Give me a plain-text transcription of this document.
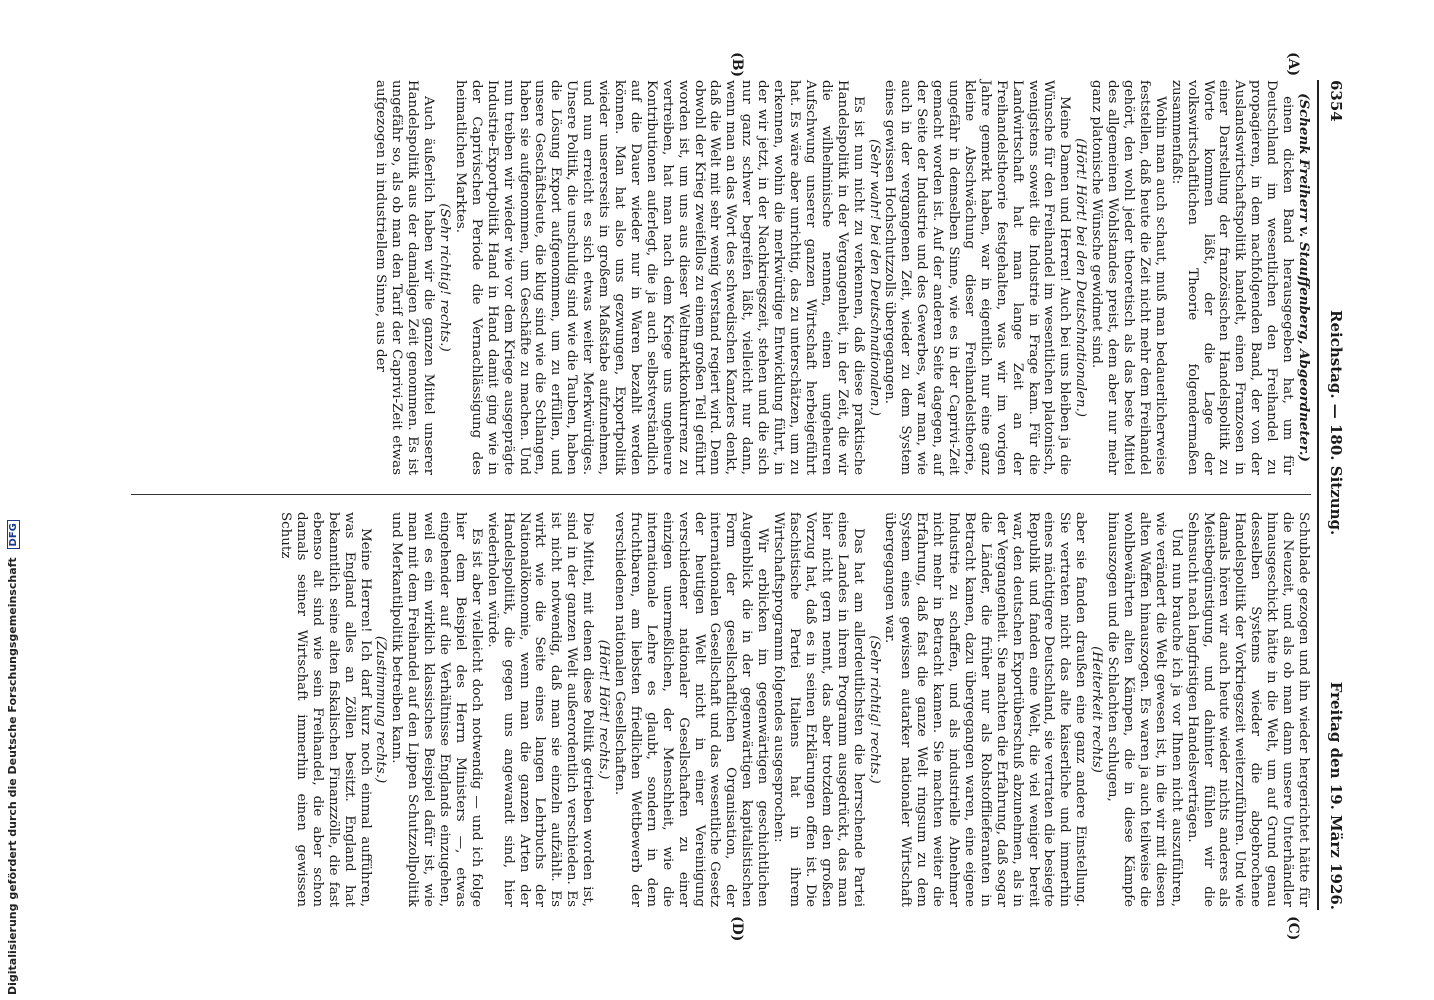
6354
Reichstag. — 180. Sitzung.
Freitag den 19. März 1926.
(A)
(B)
(C)
(D)

(Schenk Freiherr v. Stauffenberg, Abgeordneter.)

einen dicken Band herausgegeben hat, um für Deutschland im wesentlichen den Freihandel zu propagieren, in dem nachfolgenden Band, der von der Auslandswirtschaftspolitik handelt, einen Franzosen in einer Darstellung der französischen Handelspolitik zu Worte kommen läßt, der die Lage der volkswirtschaftlichen Theorie folgendermaßen zusammenfaßt:

Wohin man auch schaut, muß man bedauerlicherweise feststellen, daß heute die Zeit nicht mehr dem Freihandel gehört, den wohl jeder theoretisch als das beste Mittel des allgemeinen Wohlstandes preist, dem aber nur mehr ganz platonische Wünsche gewidmet sind.

(Hört! Hört! bei den Deutschnationalen.)

Meine Damen und Herren! Auch bei uns bleiben ja die Wünsche für den Freihandel im wesentlichen platonisch, wenigstens soweit die Industrie in Frage kam. Für die Landwirtschaft hat man lange Zeit an der Freihandelstheorie festgehalten, was wir im vorigen Jahre gemerkt haben, war in eigentlich nur eine ganz kleine Abschwächung dieser Freihandelstheorie, ungefähr in demselben Sinne, wie es in der Caprivi-Zeit gemacht worden ist. Auf der anderen Seite dagegen, auf der Seite der Industrie und des Gewerbes, war man, wie auch in der vergangenen Zeit, wieder zu dem System eines gewissen Hochschutzzolls übergegangen.

(Sehr wahr! bei den Deutschnationalen.)

Es ist nun nicht zu verkennen, daß diese praktische Handelspolitik in der Vergangenheit, in der Zeit, die wir die wilhelminische nennen, einen ungeheuren Aufschwung unserer ganzen Wirtschaft herbeigeführt hat. Es wäre aber unrichtig, das zu unterschätzen, um zu erkennen, wohin die merkwürdige Entwicklung führt, in der wir jetzt, in der Nachkriegszeit, stehen und die sich nur ganz schwer begreifen läßt, vielleicht nur dann, wenn man an das Wort des schwedischen Kanzlers denkt, daß die Welt mit sehr wenig Verstand regiert wird. Denn obwohl der Krieg zweifellos zu einem großen Teil geführt worden ist, um uns aus dieser Weltmarktkonkurrenz zu vertreiben, hat man nach dem Kriege uns ungeheure Kontributionen auferlegt, die ja auch selbstverständlich auf die Dauer wieder nur in Waren bezahlt werden können. Man hat also uns gezwungen, Exportpolitik wieder unsererseits in großem Maßstabe aufzunehmen, und nun erreicht es sich etwas weiter Merkwürdiges. Unsere Politik, die unschuldig sind wie die Tauben, haben die Lösung Export aufgenommen, um zu erfüllen, und unsere Geschäftsleute, die klug sind wie die Schlangen, haben sie aufgenommen, um Geschäfte zu machen. Und nun treiben wir wieder wie vor dem Kriege ausgeprägte Industrie-Exportpolitik Hand in Hand damit ging wie in der Caprivischen Periode die Vernachlässigung des heimatlichen Marktes.

(Sehr richtig! rechts.)

Auch äußerlich haben wir die ganzen Mittel unserer Handelspolitik aus der damaligen Zeit genommen. Es ist ungefähr so, als ob man den Tarif der Caprivi-Zeit etwas aufgezogen in industriellem Sinne, aus der

Schublade gezogen und ihn wieder hergerichtet hätte für die Neuzeit, und als ob man dann unsere Unterhändler hinausgeschickt hätte in die Welt, um auf Grund genau desselben Systems wieder die abgebrochene Handelspolitik der Vorkriegszeit weiterzuführen. Und wie damals hören wir auch heute wieder nichts anderes als Meistbegünstigung, und dahinter fühlen wir die Sehnsucht nach langfristigen Handelsverträgen.

Und nun brauche ich ja vor Ihnen nicht auszuführen, wie verändert die Welt gewesen ist, in die wir mit diesen alten Waffen hinauszogen. Es waren ja auch teilweise die wohlbewährten alten Kämpen, die in diese Kämpfe hinauszogen und die Schlachten schlugen,

(Heiterkeit rechts)

aber sie fanden draußen eine ganz andere Einstellung. Sie vertraten nicht das alte kaiserliche und immerhin eines mächtigere Deutschland, sie vertraten die besiegte Republik und fanden eine Welt, die viel weniger bereit war, den deutschen Exportüberschuß abzunehmen, als in der Vergangenheit. Sie machten die Erfahrung, daß sogar die Länder, die früher nur als Rohstofflieferanten in Betracht kamen, dazu übergegangen waren, eine eigene Industrie zu schaffen, und als industrielle Abnehmer nicht mehr in Betracht kamen. Sie machten weiter die Erfahrung, daß fast die ganze Welt ringsum zu dem System eines gewissen autarker nationaler Wirtschaft übergegangen war.

(Sehr richtig! rechts.)

Das hat am allerdeutlichsten die herrschende Partei eines Landes in ihrem Programm ausgedrückt, das man hier nicht gern nennt, das aber trotzdem den großen Vorzug hat, daß es in seinen Erklärungen offen ist. Die faschistische Partei Italiens hat in ihrem Wirtschaftsprogramm folgendes ausgesprochen:

Wir erblicken im gegenwärtigen geschichtlichen Augenblick die in der gegenwärtigen kapitalistischen Form der gesellschaftlichen Organisation, der internationalen Gesellschaft und das wesentliche Gesetz der heutigen Welt nicht in einer Vereinigung verschiedener nationaler Gesellschaften zu einer einzigen unermeßlichen, der Menschheit, wie die internationale Lehre es glaubt, sondern in dem fruchtbaren, am liebsten friedlichen Wettbewerb der verschiedenen nationalen Gesellschaften.

(Hört! Hört! rechts.)

Die Mittel, mit denen diese Politik getrieben worden ist, sind in der ganzen Welt außerordentlich verschieden. Es ist nicht notwendig, daß man sie einzeln aufzählt. Es wirkt wie die Seite eines langen Lehrbuchs der Nationalökonomie, wenn man die ganzen Arten der Handelspolitik, die gegen uns angewandt sind, hier wiederholen würde.

Es ist aber vielleicht doch notwendig — und ich folge hier dem Beispiel des Herrn Ministers —, etwas eingehender auf die Verhältnisse Englands einzugehen, weil es ein wirklich klassisches Beispiel dafür ist, wie man mit dem Freihandel auf den Lippen Schutzzollpolitik und Merkantilpolitik betreiben kann.

(Zustimmung rechts.)

Meine Herren! Ich darf kurz noch einmal aufführen, was England alles an Zöllen besitzt. England hat bekanntlich seine alten fiskalischen Finanzzölle, die fast ebenso alt sind wie sein Freihandel, die aber schon damals seiner Wirtschaft immerhin einen gewissen Schutz

Digitalisierung gefördert durch die Deutsche Forschungsgemeinschaft DFG
